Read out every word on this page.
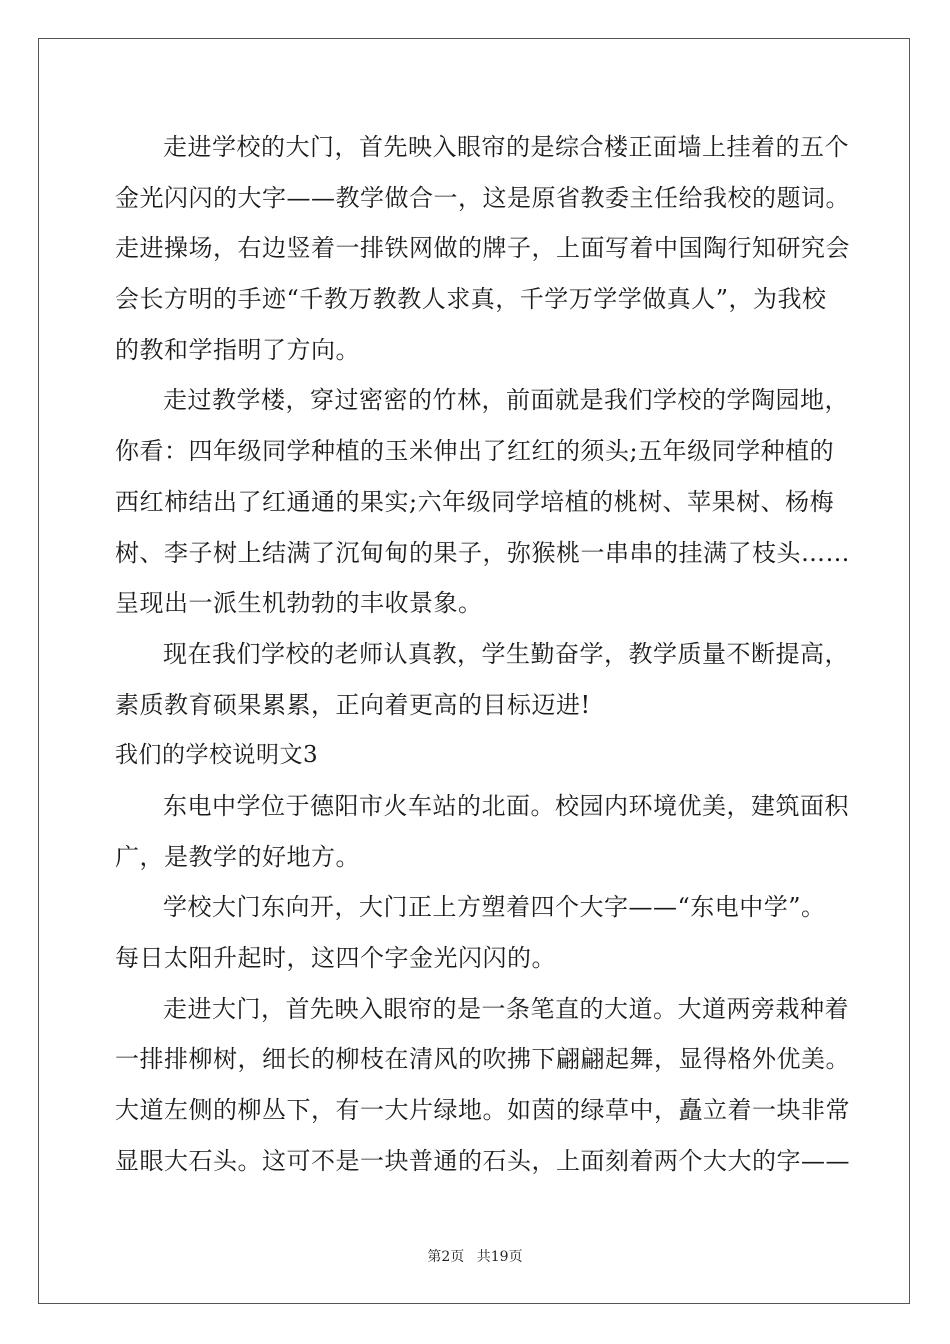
走进学校的大门，首先映入眼帘的是综合楼正面墙上挂着的五个
金光闪闪的大字——教学做合一，这是原省教委主任给我校的题词。
走进操场，右边竖着一排铁网做的牌子，上面写着中国陶行知研究会
会长方明的手迹“千教万教教人求真，千学万学学做真人”，为我校
的教和学指明了方向。
走过教学楼，穿过密密的竹林，前面就是我们学校的学陶园地，
你看：四年级同学种植的玉米伸出了红红的须头;五年级同学种植的
西红柿结出了红通通的果实;六年级同学培植的桃树、苹果树、杨梅
树、李子树上结满了沉甸甸的果子，弥猴桃一串串的挂满了枝头……
呈现出一派生机勃勃的丰收景象。
现在我们学校的老师认真教，学生勤奋学，教学质量不断提高，
素质教育硕果累累，正向着更高的目标迈进!
我们的学校说明文3
东电中学位于德阳市火车站的北面。校园内环境优美，建筑面积
广，是教学的好地方。
学校大门东向开，大门正上方塑着四个大字——“东电中学”。
每日太阳升起时，这四个字金光闪闪的。
走进大门，首先映入眼帘的是一条笔直的大道。大道两旁栽种着
一排排柳树，细长的柳枝在清风的吹拂下翩翩起舞，显得格外优美。
大道左侧的柳丛下，有一大片绿地。如茵的绿草中，矗立着一块非常
显眼大石头。这可不是一块普通的石头，上面刻着两个大大的字——
第2页 共19页
